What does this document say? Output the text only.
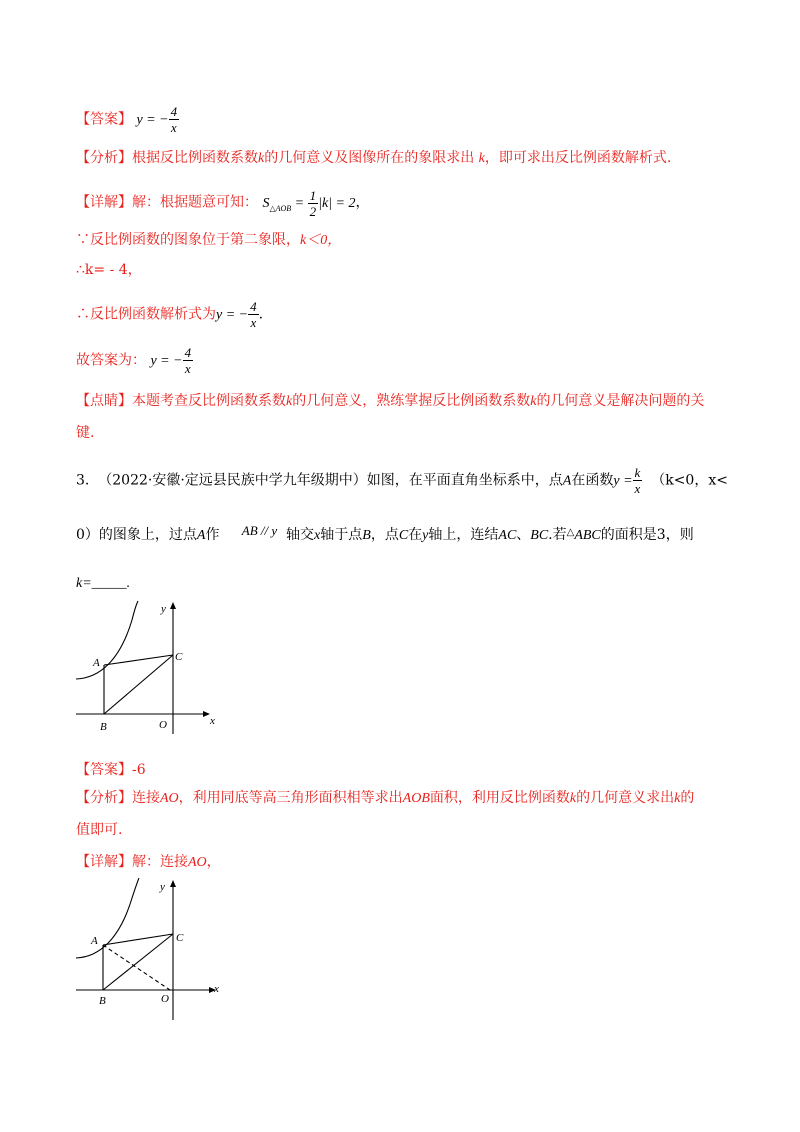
【答案】 y = − $\frac{4}{x}$
【分析】根据反比例函数系数k的几何意义及图像所在的象限求出 k，即可求出反比例函数解析式.
【详解】解：根据题意可知： $S_{\triangle AOB} = \frac{1}{2} |k| = 2$，
∵反比例函数的图象位于第二象限，k＜0，
∴k= - 4，
∴反比例函数解析式为y = − $\frac{4}{x}$ .
故答案为： y = − $\frac{4}{x}$
【点睛】本题考查反比例函数系数k的几何意义，熟练掌握反比例函数系数k的几何意义是解决问题的关
键.
3. （2022·安徽·定远县民族中学九年级期中）如图，在平面直角坐标系中，点A在函数$y = \frac{k}{x} (k<0$，x<
0）的图象上，过点A作 AB // y 轴交x轴于点B，点C在y轴上，连结AC、BC.若△ABC的面积是3，则
k=_____.
y
x
A
B
C
O
【答案】-6
【分析】连接AO，利用同底等高三角形面积相等求出AOB面积，利用反比例函数k的几何意义求出k的
值即可.
【详解】解：连接AO，
y
x
A
B
C
O
